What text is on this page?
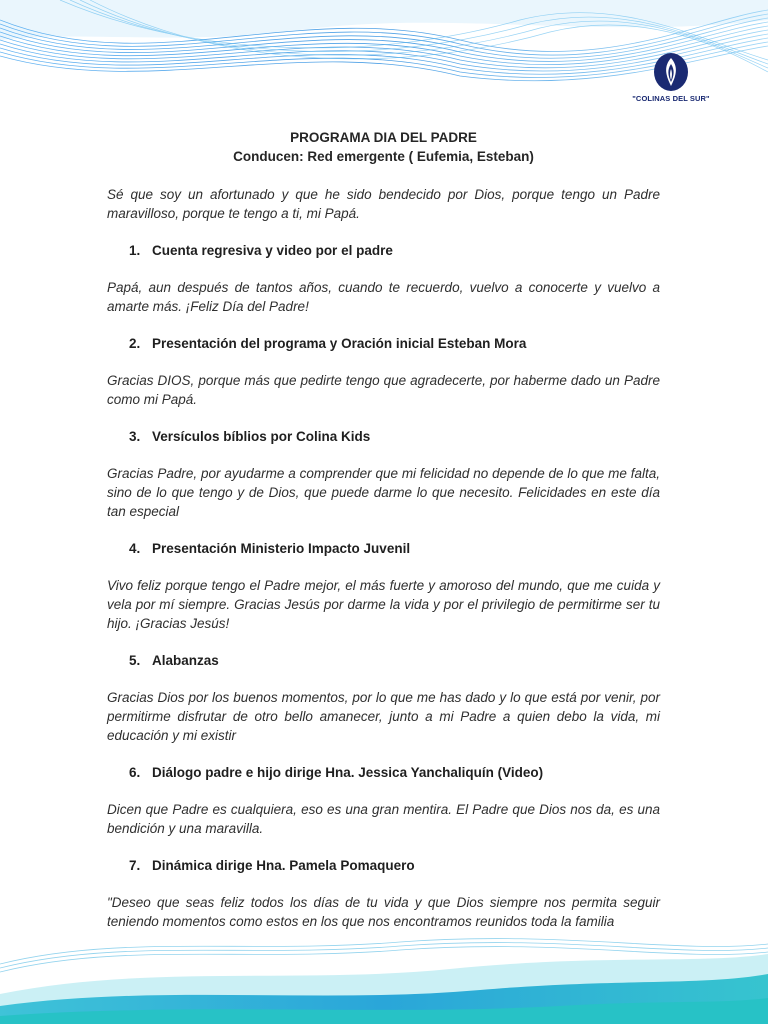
"COLINAS DEL SUR"

PROGRAMA DIA DEL PADRE

Conducen: Red emergente ( Eufemia, Esteban)

Sé que soy un afortunado y que he sido bendecido por Dios, porque tengo un Padre maravilloso, porque te tengo a ti, mi Papá.

1. Cuenta regresiva y video por el padre

Papá, aun después de tantos años, cuando te recuerdo, vuelvo a conocerte y vuelvo a amarte más. ¡Feliz Día del Padre!

2. Presentación del programa y Oración inicial Esteban Mora

Gracias DIOS, porque más que pedirte tengo que agradecerte, por haberme dado un Padre como mi Papá.

3. Versículos bíblios por Colina Kids

Gracias Padre, por ayudarme a comprender que mi felicidad no depende de lo que me falta, sino de lo que tengo y de Dios, que puede darme lo que necesito. Felicidades en este día tan especial

4. Presentación Ministerio Impacto Juvenil

Vivo feliz porque tengo el Padre mejor, el más fuerte y amoroso del mundo, que me cuida y vela por mí siempre. Gracias Jesús por darme la vida y por el privilegio de permitirme ser tu hijo. ¡Gracias Jesús!

5. Alabanzas

Gracias Dios por los buenos momentos, por lo que me has dado y lo que está por venir, por permitirme disfrutar de otro bello amanecer, junto a mi Padre a quien debo la vida, mi educación y mi existir

6. Diálogo padre e hijo dirige Hna. Jessica Yanchaliquín (Video)

Dicen que Padre es cualquiera, eso es una gran mentira. El Padre que Dios nos da, es una bendición y una maravilla.

7. Dinámica dirige Hna. Pamela Pomaquero

"Deseo que seas feliz todos los días de tu vida y que Dios siempre nos permita seguir teniendo momentos como estos en los que nos encontramos reunidos toda la familia
